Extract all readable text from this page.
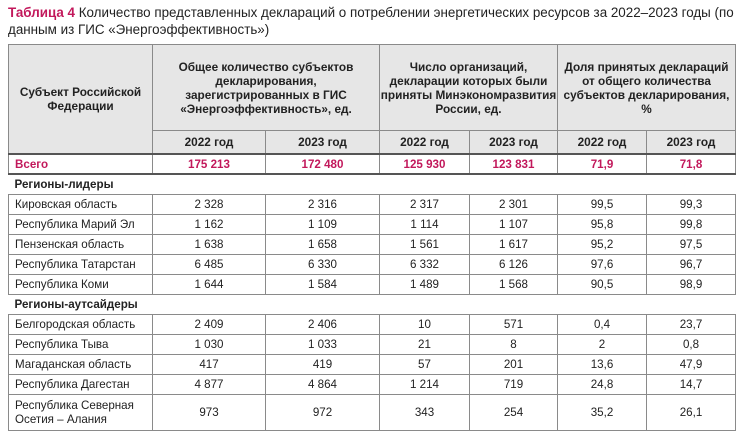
Таблица 4 Количество представленных деклараций о потреблении энергетических ресурсов за 2022–2023 годы (по данным из ГИС «Энергоэффективность»)
Субъект Российской Федерации	Общее количество субъектов декларирования, зарегистрированных в ГИС «Энергоэффективность», ед.		Число организаций, декларации которых были приняты Минэкономразвития России, ед.		Доля принятых деклараций от общего количества субъектов декларирования, %	
	2022 год	2023 год	2022 год	2023 год	2022 год	2023 год
Всего	175 213	172 480	125 930	123 831	71,9	71,8
Регионы-лидеры						
Кировская область	2 328	2 316	2 317	2 301	99,5	99,3
Республика Марий Эл	1 162	1 109	1 114	1 107	95,8	99,8
Пензенская область	1 638	1 658	1 561	1 617	95,2	97,5
Республика Татарстан	6 485	6 330	6 332	6 126	97,6	96,7
Республика Коми	1 644	1 584	1 489	1 568	90,5	98,9
Регионы-аутсайдеры						
Белгородская область	2 409	2 406	10	571	0,4	23,7
Республика Тыва	1 030	1 033	21	8	2	0,8
Магаданская область	417	419	57	201	13,6	47,9
Республика Дагестан	4 877	4 864	1 214	719	24,8	14,7
Республика Северная Осетия – Алания	973	972	343	254	35,2	26,1
